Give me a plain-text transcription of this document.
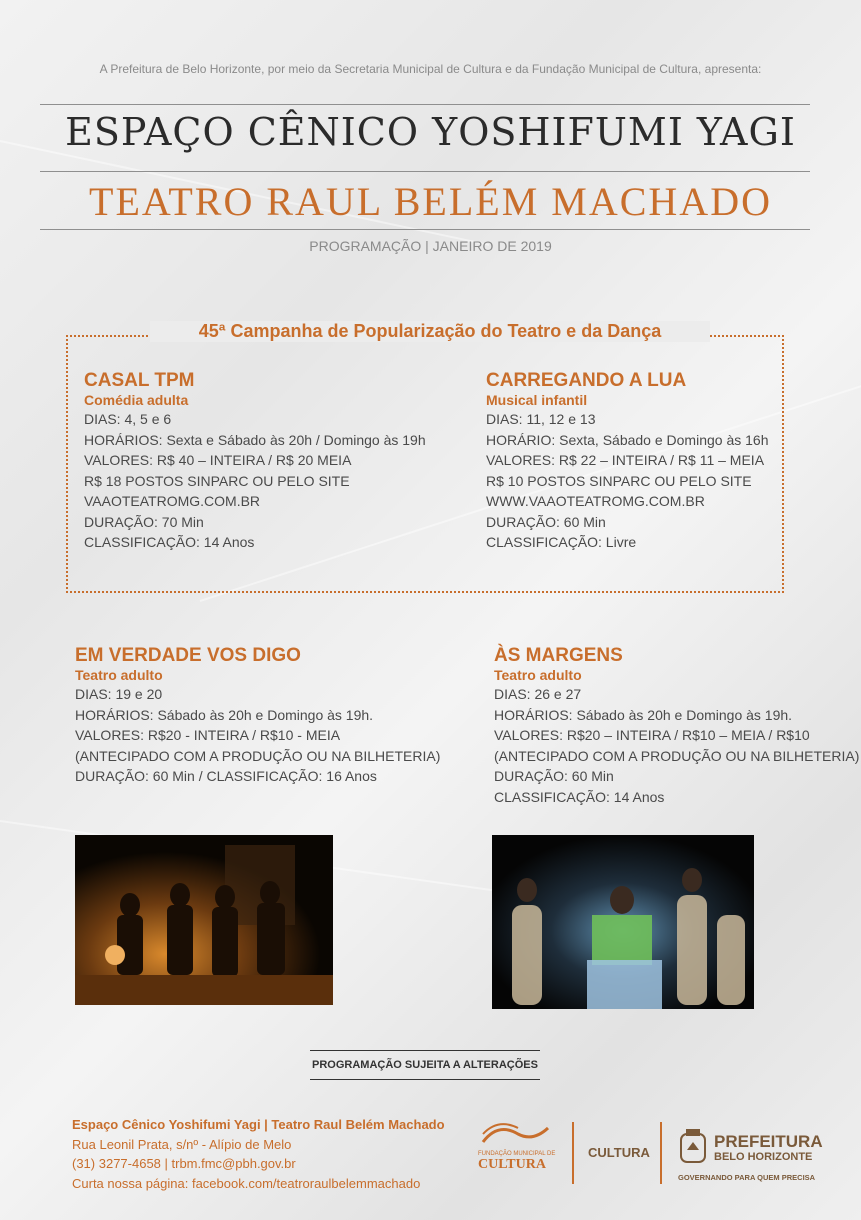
A Prefeitura de Belo Horizonte, por meio da Secretaria Municipal de Cultura e da Fundação Municipal de Cultura, apresenta:
ESPAÇO CÊNICO YOSHIFUMI YAGI
TEATRO RAUL BELÉM MACHADO
PROGRAMAÇÃO | JANEIRO DE 2019
45ª Campanha de Popularização do Teatro e da Dança
CASAL TPM
Comédia adulta
DIAS: 4, 5 e 6
HORÁRIOS: Sexta e Sábado às 20h / Domingo às 19h
VALORES: R$ 40 – INTEIRA / R$ 20 MEIA
R$ 18 POSTOS SINPARC OU PELO SITE
VAAOTEATROMG.COM.BR
DURAÇÃO: 70 Min
CLASSIFICAÇÃO: 14 Anos
CARREGANDO A LUA
Musical infantil
DIAS: 11, 12 e 13
HORÁRIO: Sexta, Sábado e Domingo às 16h
VALORES: R$ 22 – INTEIRA / R$ 11 – MEIA
R$ 10 POSTOS SINPARC OU PELO SITE
WWW.VAAOTEATROMG.COM.BR
DURAÇÃO: 60 Min
CLASSIFICAÇÃO: Livre
EM VERDADE VOS DIGO
Teatro adulto
DIAS: 19 e 20
HORÁRIOS: Sábado às 20h e Domingo às 19h.
VALORES: R$20 - INTEIRA / R$10 - MEIA
(ANTECIPADO COM A PRODUÇÃO OU NA BILHETERIA)
DURAÇÃO: 60 Min / CLASSIFICAÇÃO: 16 Anos
ÀS MARGENS
Teatro adulto
DIAS: 26 e 27
HORÁRIOS: Sábado às 20h e Domingo às 19h.
VALORES: R$20 – INTEIRA / R$10 – MEIA / R$10
(ANTECIPADO COM A PRODUÇÃO OU NA BILHETERIA)
DURAÇÃO: 60 Min
CLASSIFICAÇÃO: 14 Anos
PROGRAMAÇÃO SUJEITA A ALTERAÇÕES
Espaço Cênico Yoshifumi Yagi | Teatro Raul Belém Machado
Rua Leonil Prata, s/nº - Alípio de Melo
(31) 3277-4658 | trbm.fmc@pbh.gov.br
Curta nossa página: facebook.com/teatroraulbelemmachado
FUNDAÇÃO MUNICIPAL DE
CULTURA
CULTURA
PREFEITURA
BELO HORIZONTE
GOVERNANDO PARA QUEM PRECISA
